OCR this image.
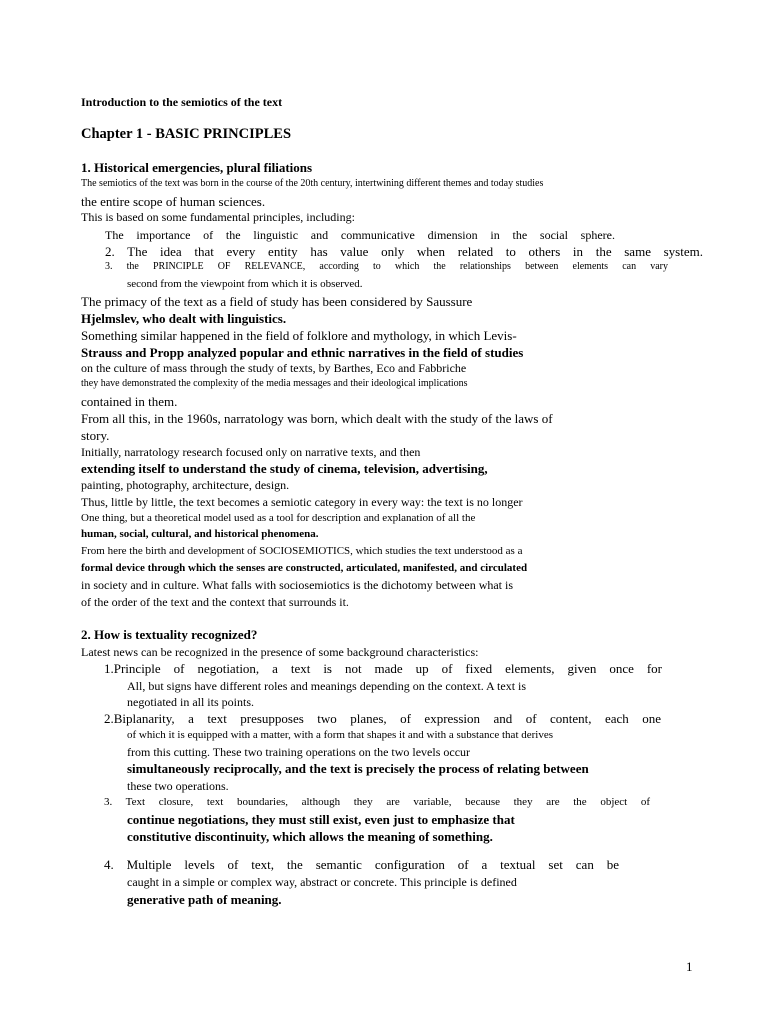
Introduction to the semiotics of the text
Chapter 1 - BASIC PRINCIPLES
1. Historical emergencies, plural filiations
The semiotics of the text was born in the course of the 20th century, intertwining different themes and today studies
the entire scope of human sciences.
This is based on some fundamental principles, including:
The importance of the linguistic and communicative dimension in the social sphere.
2. The idea that every entity has value only when related to others in the same system.
3. the PRINCIPLE OF RELEVANCE, according to which the relationships between elements can vary
second from the viewpoint from which it is observed.
The primacy of the text as a field of study has been considered by Saussure
Hjelmslev, who dealt with linguistics.
Something similar happened in the field of folklore and mythology, in which Levis-
Strauss and Propp analyzed popular and ethnic narratives in the field of studies
on the culture of mass through the study of texts, by Barthes, Eco and Fabbriche
they have demonstrated the complexity of the media messages and their ideological implications
contained in them.
From all this, in the 1960s, narratology was born, which dealt with the study of the laws of
story.
Initially, narratology research focused only on narrative texts, and then
extending itself to understand the study of cinema, television, advertising,
painting, photography, architecture, design.
Thus, little by little, the text becomes a semiotic category in every way: the text is no longer
One thing, but a theoretical model used as a tool for description and explanation of all the
human, social, cultural, and historical phenomena.
From here the birth and development of SOCIOSEMIOTICS, which studies the text understood as a
formal device through which the senses are constructed, articulated, manifested, and circulated
in society and in culture. What falls with sociosemiotics is the dichotomy between what is
of the order of the text and the context that surrounds it.
2. How is textuality recognized?
Latest news can be recognized in the presence of some background characteristics:
1.Principle of negotiation, a text is not made up of fixed elements, given once for
All, but signs have different roles and meanings depending on the context. A text is
negotiated in all its points.
2.Biplanarity, a text presupposes two planes, of expression and of content, each one
of which it is equipped with a matter, with a form that shapes it and with a substance that derives
from this cutting. These two training operations on the two levels occur
simultaneously reciprocally, and the text is precisely the process of relating between
these two operations.
3. Text closure, text boundaries, although they are variable, because they are the object of
continue negotiations, they must still exist, even just to emphasize that
constitutive discontinuity, which allows the meaning of something.
4. Multiple levels of text, the semantic configuration of a textual set can be
caught in a simple or complex way, abstract or concrete. This principle is defined
generative path of meaning.
1
